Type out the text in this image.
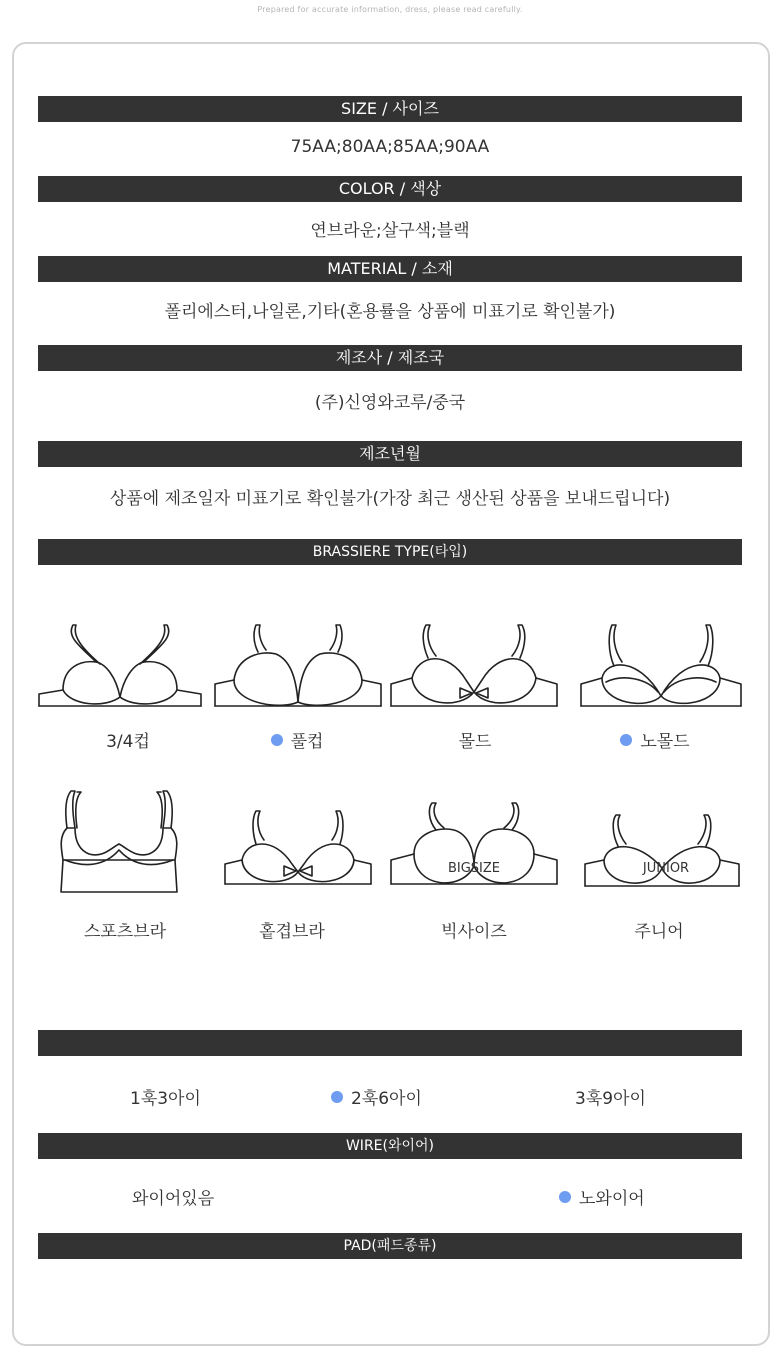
Prepared for accurate information, dress, please read carefully.
SIZE / 사이즈
75AA;80AA;85AA;90AA
COLOR / 색상
연브라운;살구색;블랙
MATERIAL / 소재
폴리에스터,나일론,기타(혼용률을 상품에 미표기로 확인불가)
제조사 / 제조국
(주)신영와코루/중국
제조년월
상품에 제조일자 미표기로 확인불가(가장 최근 생산된 상품을 보내드립니다)
BRASSIERE TYPE(타입)
3/4컵	풀컵	몰드	노몰드
BIGSIZE	JUNIOR
스포츠브라	홑겹브라	빅사이즈	주니어
1훅3아이	2훅6아이	3훅9아이
WIRE(와이어)
와이어있음	노와이어
PAD(패드종류)
